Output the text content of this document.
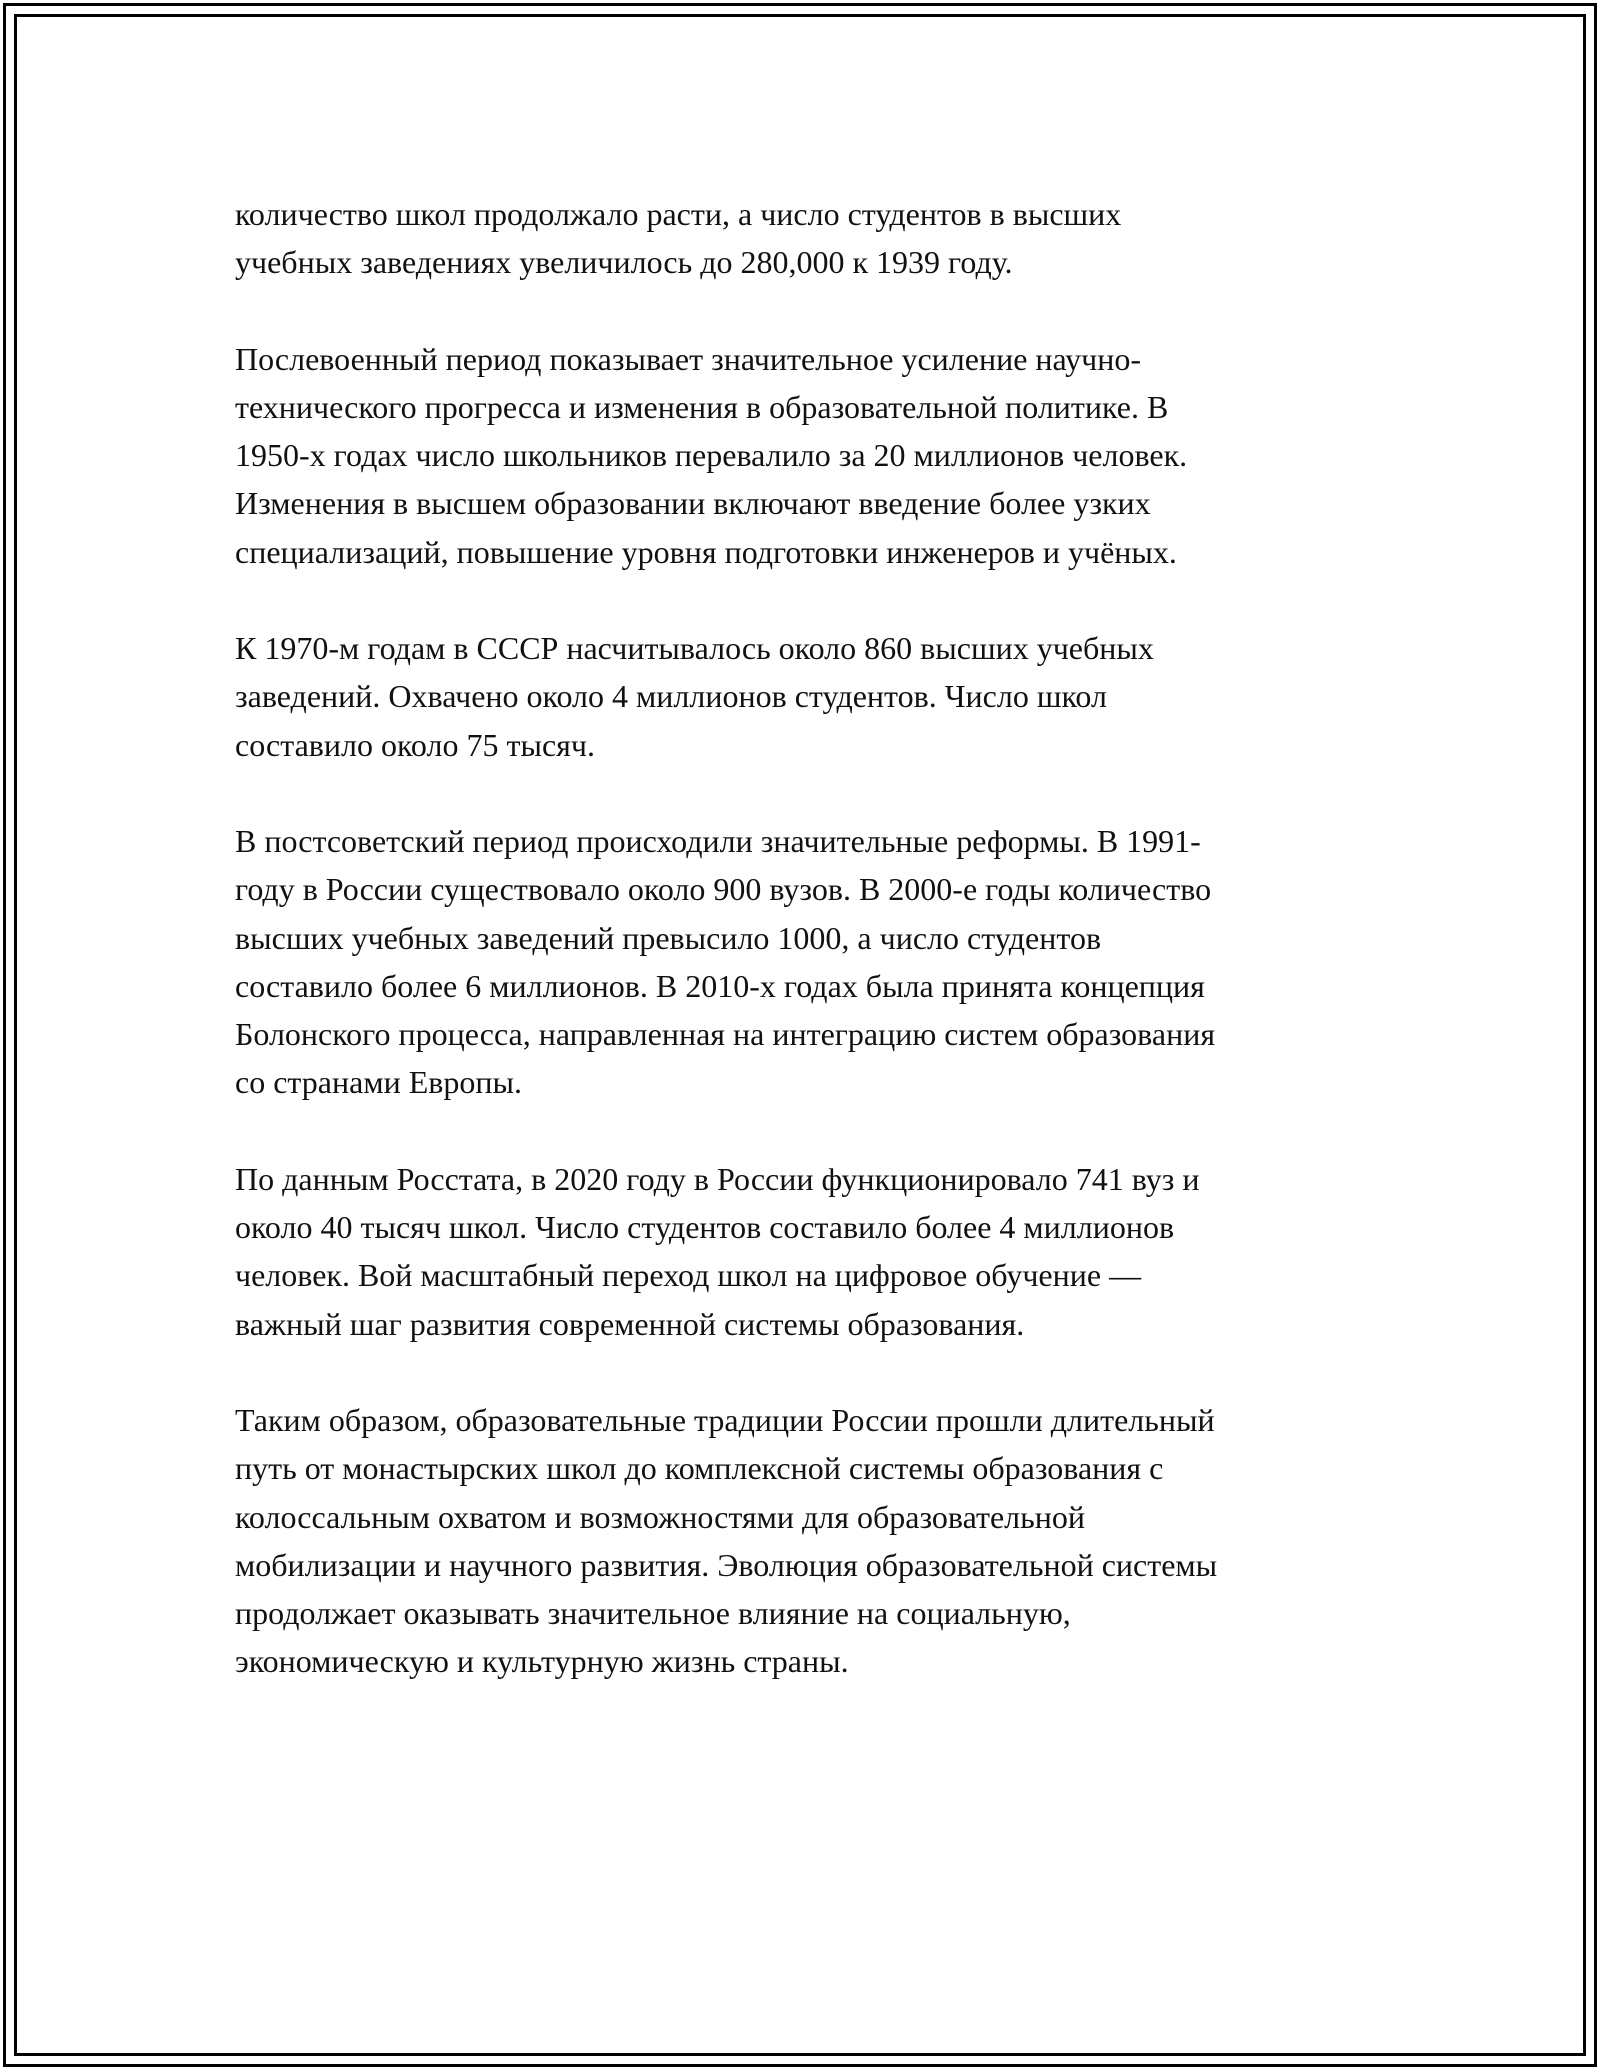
количество школ продолжало расти, а число студентов в высших
учебных заведениях увеличилось до 280,000 к 1939 году.

Послевоенный период показывает значительное усиление научно-
технического прогресса и изменения в образовательной политике. В
1950-х годах число школьников перевалило за 20 миллионов человек.
Изменения в высшем образовании включают введение более узких
специализаций, повышение уровня подготовки инженеров и учёных.

К 1970-м годам в СССР насчитывалось около 860 высших учебных
заведений. Охвачено около 4 миллионов студентов. Число школ
составило около 75 тысяч.

В постсоветский период происходили значительные реформы. В 1991-
году в России существовало около 900 вузов. В 2000-е годы количество
высших учебных заведений превысило 1000, а число студентов
составило более 6 миллионов. В 2010-х годах была принята концепция
Болонского процесса, направленная на интеграцию систем образования
со странами Европы.

По данным Росстата, в 2020 году в России функционировало 741 вуз и
около 40 тысяч школ. Число студентов составило более 4 миллионов
человек. Вой масштабный переход школ на цифровое обучение —
важный шаг развития современной системы образования.

Таким образом, образовательные традиции России прошли длительный
путь от монастырских школ до комплексной системы образования с
колоссальным охватом и возможностями для образовательной
мобилизации и научного развития. Эволюция образовательной системы
продолжает оказывать значительное влияние на социальную,
экономическую и культурную жизнь страны.
